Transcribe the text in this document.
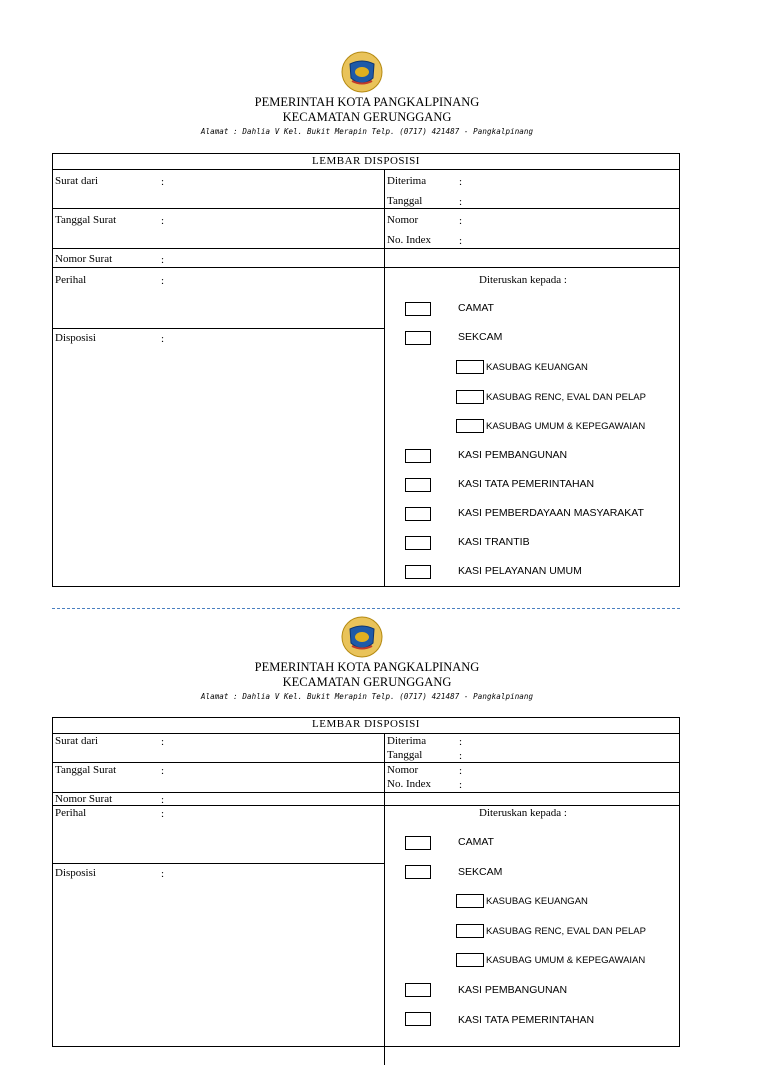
PEMERINTAH KOTA PANGKALPINANG
KECAMATAN GERUNGGANG
Alamat : Dahlia V Kel. Bukit Merapin Telp. (0717) 421487 - Pangkalpinang
LEMBAR DISPOSISI
Surat dari	:	Diterima	:
Tanggal	:
Tanggal Surat	:	Nomor	:
No. Index	:
Nomor Surat	:
Perihal	:
Disposisi	:
Diteruskan kepada :
CAMAT
SEKCAM
KASUBAG KEUANGAN
KASUBAG RENC, EVAL DAN PELAP
KASUBAG UMUM & KEPEGAWAIAN
KASI PEMBANGUNAN
KASI TATA PEMERINTAHAN
KASI PEMBERDAYAAN MASYARAKAT
KASI TRANTIB
KASI PELAYANAN UMUM
PEMERINTAH KOTA PANGKALPINANG
KECAMATAN GERUNGGANG
Alamat : Dahlia V Kel. Bukit Merapin Telp. (0717) 421487 - Pangkalpinang
LEMBAR DISPOSISI
Surat dari	:	Diterima	:
Tanggal	:
Tanggal Surat	:	Nomor	:
No. Index	:
Nomor Surat	:
Perihal	:
Disposisi	:
Diteruskan kepada :
CAMAT
SEKCAM
KASUBAG KEUANGAN
KASUBAG RENC, EVAL DAN PELAP
KASUBAG UMUM & KEPEGAWAIAN
KASI PEMBANGUNAN
KASI TATA PEMERINTAHAN
